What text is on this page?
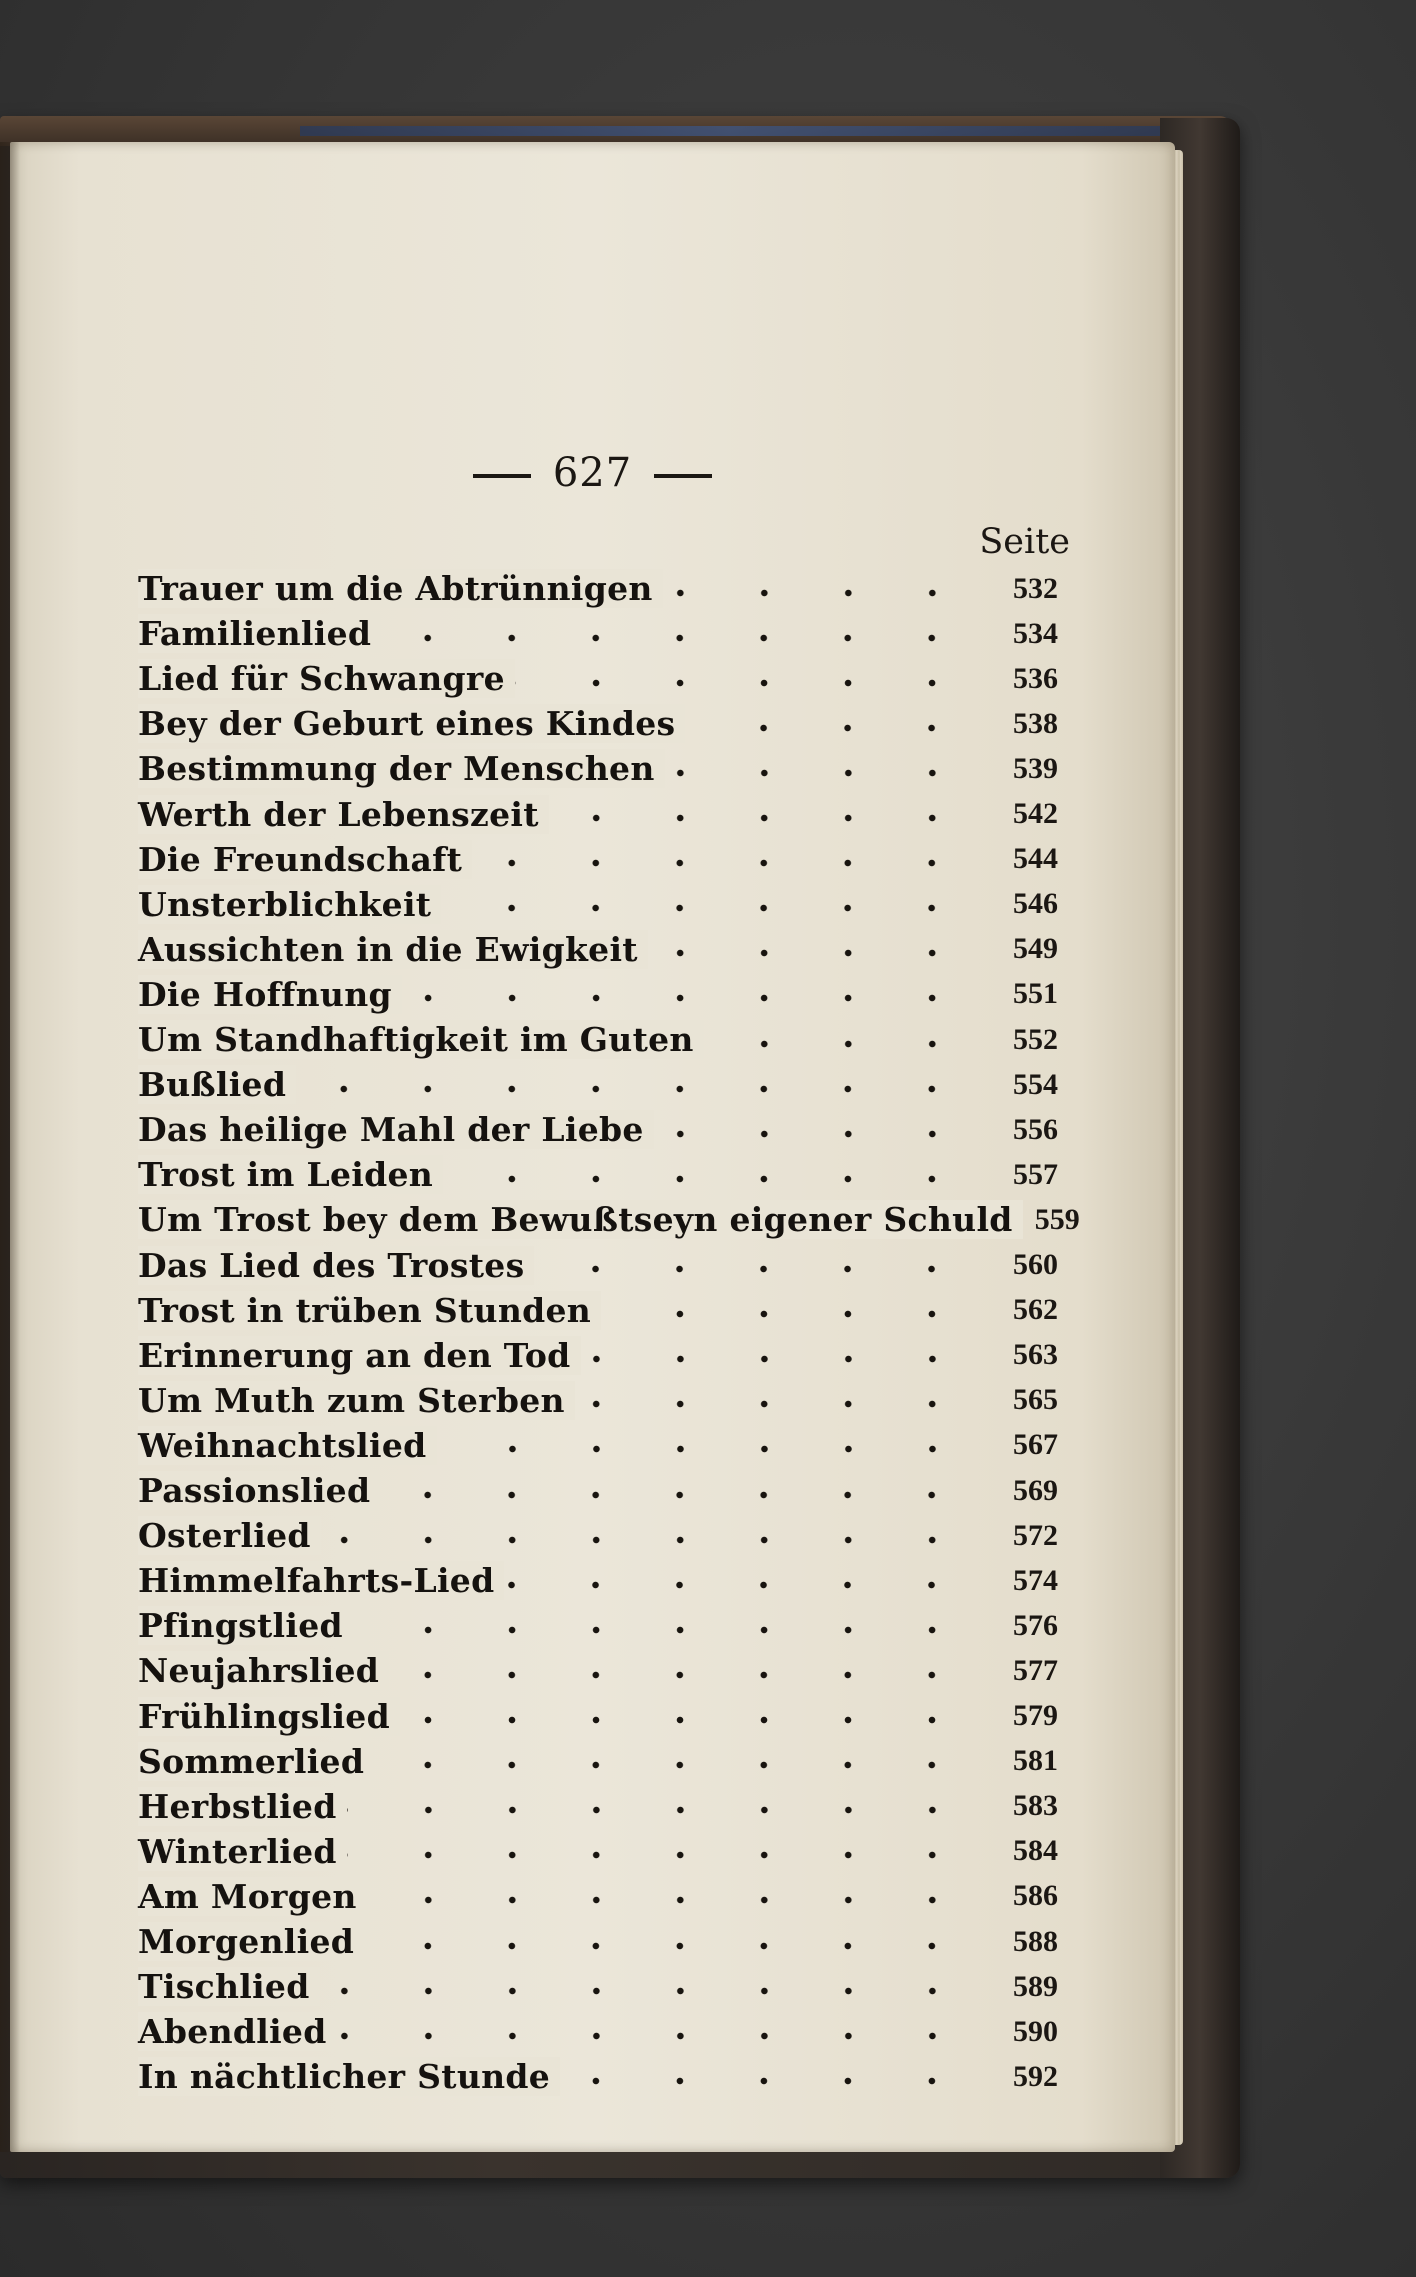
627
Seite
Trauer um die Abtrünnigen	532
Familienlied	534
Lied für Schwangre	536
Bey der Geburt eines Kindes	538
Bestimmung der Menschen	539
Werth der Lebenszeit	542
Die Freundschaft	544
Unsterblichkeit	546
Aussichten in die Ewigkeit	549
Die Hoffnung	551
Um Standhaftigkeit im Guten	552
Bußlied	554
Das heilige Mahl der Liebe	556
Trost im Leiden	557
Um Trost bey dem Bewußtseyn eigener Schuld 559
Das Lied des Trostes	560
Trost in trüben Stunden	562
Erinnerung an den Tod	563
Um Muth zum Sterben	565
Weihnachtslied	567
Passionslied	569
Osterlied	572
Himmelfahrts-Lied	574
Pfingstlied	576
Neujahrslied	577
Frühlingslied	579
Sommerlied	581
Herbstlied	583
Winterlied	584
Am Morgen	586
Morgenlied	588
Tischlied	589
Abendlied	590
In nächtlicher Stunde	592
